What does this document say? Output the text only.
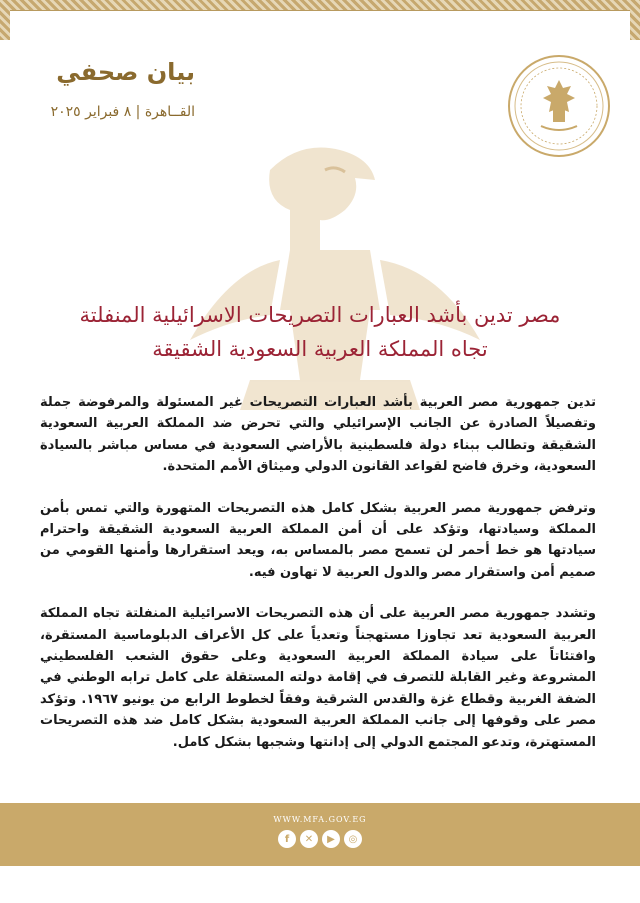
بيان صحفي
القــاهرة | ٨ فبراير ٢٠٢٥
مصر تدين بأشد العبارات التصريحات الاسرائيلية المنفلتة
تجاه المملكة العربية السعودية الشقيقة

تدين جمهورية مصر العربية بأشد العبارات التصريحات غير المسئولة والمرفوضة جملة وتفصيلاً الصادرة عن الجانب الإسرائيلي والتي تحرض ضد المملكة العربية السعودية الشقيقة وتطالب ببناء دولة فلسطينية بالأراضي السعودية في مساس مباشر بالسيادة السعودية، وخرق فاضح لقواعد القانون الدولي وميثاق الأمم المتحدة.

وترفض جمهورية مصر العربية بشكل كامل هذه التصريحات المتهورة والتي تمس بأمن المملكة وسيادتها، وتؤكد على أن أمن المملكة العربية السعودية الشقيقة واحترام سيادتها هو خط أحمر لن تسمح مصر بالمساس به، ويعد استقرارها وأمنها القومي من صميم أمن واستقرار مصر والدول العربية لا تهاون فيه.

وتشدد جمهورية مصر العربية على أن هذه التصريحات الاسرائيلية المنفلتة تجاه المملكة العربية السعودية تعد تجاوزا مستهجناً وتعدياً على كل الأعراف الدبلوماسية المستقرة، وافتئاتاً على سيادة المملكة العربية السعودية وعلى حقوق الشعب الفلسطيني المشروعة وغير القابلة للتصرف في إقامة دولته المستقلة على كامل ترابه الوطني في الضفة الغربية وقطاع غزة والقدس الشرقية وفقاً لخطوط الرابع من يونيو ١٩٦٧. وتؤكد مصر على وقوفها إلى جانب المملكة العربية السعودية بشكل كامل ضد هذه التصريحات المستهترة، وتدعو المجتمع الدولي إلى إدانتها وشجبها بشكل كامل.

WWW.MFA.GOV.EG
f	✕	▶	◎
